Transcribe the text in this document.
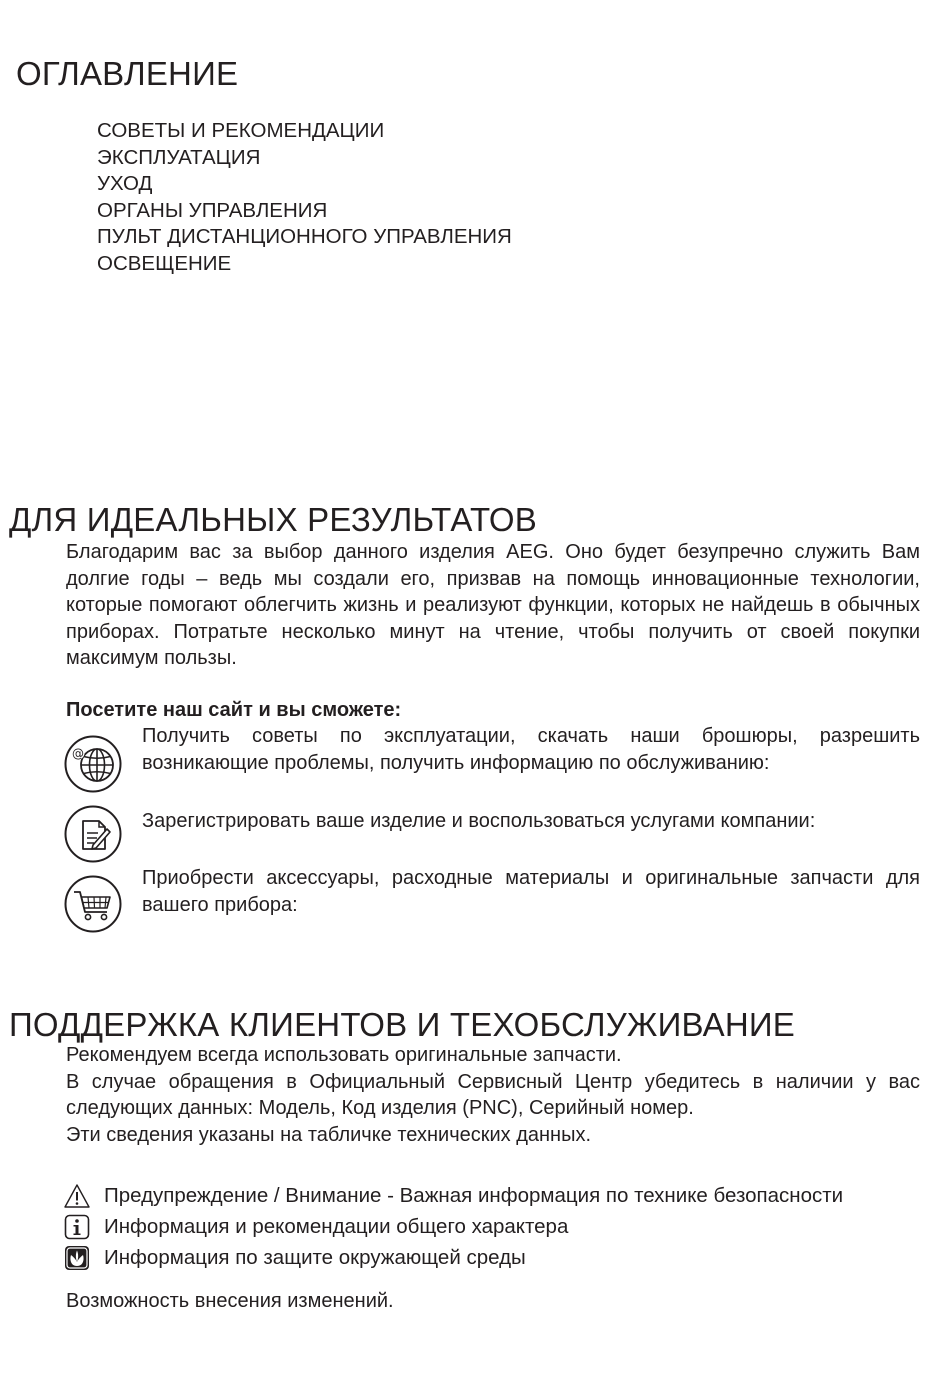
ОГЛАВЛЕНИЕ
СОВЕТЫ И РЕКОМЕНДАЦИИ
ЭКСПЛУАТАЦИЯ
УХОД
ОРГАНЫ УПРАВЛЕНИЯ
ПУЛЬТ ДИСТАНЦИОННОГО УПРАВЛЕНИЯ
ОСВЕЩЕНИЕ
ДЛЯ ИДЕАЛЬНЫХ РЕЗУЛЬТАТОВ

Благодарим вас за выбор данного изделия AEG. Оно будет безупречно служить Вам долгие годы – ведь мы создали его, призвав на помощь инновационные технологии, которые помогают облегчить жизнь и реализуют функции, которых не найдешь в обычных приборах. Потратьте несколько минут на чтение, чтобы получить от своей покупки максимум пользы.

Посетите наш сайт и вы сможете:
@
Получить советы по эксплуатации, скачать наши брошюры, разрешить возникающие проблемы, получить информацию по обслуживанию:
Зарегистрировать ваше изделие и воспользоваться услугами компании:
Приобрести аксессуары, расходные материалы и оригинальные запчасти для вашего прибора:
ПОДДЕРЖКА КЛИЕНТОВ И ТЕХОБСЛУЖИВАНИЕ

Рекомендуем всегда использовать оригинальные запчасти.

В случае обращения в Официальный Сервисный Центр убедитесь в наличии у вас следующих данных: Модель, Код изделия (PNC), Серийный номер.

Эти сведения указаны на табличке технических данных.

Предупреждение / Внимание - Важная информация по технике безопасности
Информация и рекомендации общего характера
Информация по защите окружающей среды
Возможность внесения изменений.
